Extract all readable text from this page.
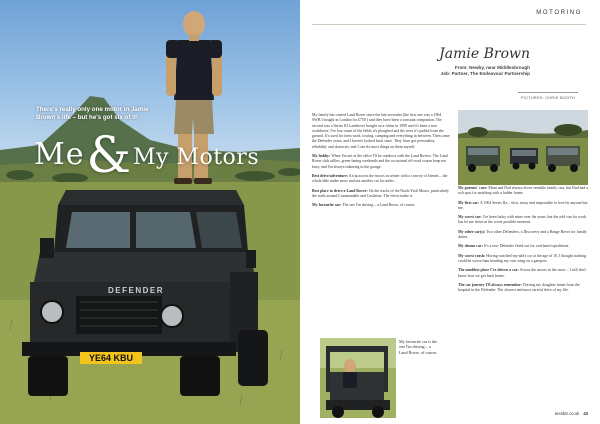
DEFENDER
YE64 KBU
There's really only one motor in Jamie Brown's life – but he's got six of it!
Me&My Motors
MOTORING
Jamie Brown
From: Newby, near Middlesbrough
Job: Partner, The Endeavour Partnership
PICTURES: CHRIS BOOTH

My family has owned Land Rover since the late seventies (the first one was a 1964 SWB I bought in London for £750 ) and they have been a constant companion. The second was a Series III Landrover bought on a whim in 1998 and it's been a true workhorse. I've lost count of the fields it's ploughed and the trees it's pulled from the ground. It's used for farm work, towing, camping and everything in between. Then came the Defender years, and I haven't looked back since. They have got personality, reliability and character, and I can fix most things on them myself.

My hobby: When I'm not at the office I'll be outdoors with the Land Rovers. The Land Rover club rallies, green-laning weekends and the occasional off-road course keep me busy, and I'm always tinkering in the garage.

Best drive/adventure: A trip across the moors in winter with a convoy of friends – the whole dale under snow and not another car for miles.

Best place to drive a Land Rover: On the tracks of the North York Moors, particularly the trails around Commondale and Castleton. The views make it.

My favourite car: The one I'm driving – a Land Rover, of course.

My parents' cars: Mum and Dad always drove sensible family cars, but Dad had a soft spot for anything with a ladder frame.

My first car: A 1964 Series IIa – slow, noisy and impossible to love by anyone but me.

My worst car: I've been lucky with mine over the years, but the odd van for work has let me down at the worst possible moment.

My other car(s): Two other Defenders, a Discovery and a Range Rover for family duties.

My dream car: It's a new Defender fitted out for overland expeditions.

My worst crash: Having watched my dad's car at the age of 10, I thought nothing could be worse than bending my own wing on a gatepost.

The maddest place I've driven a car: Across the moors in the snow – I still don't know how we got back home.

The car journey I'll always remember: Driving my daughter home from the hospital in the Defender. The slowest and most careful drive of my life.

My favourite car is the one I'm driving – a Land Rover, of course.
teesbiz.co.uk 43
